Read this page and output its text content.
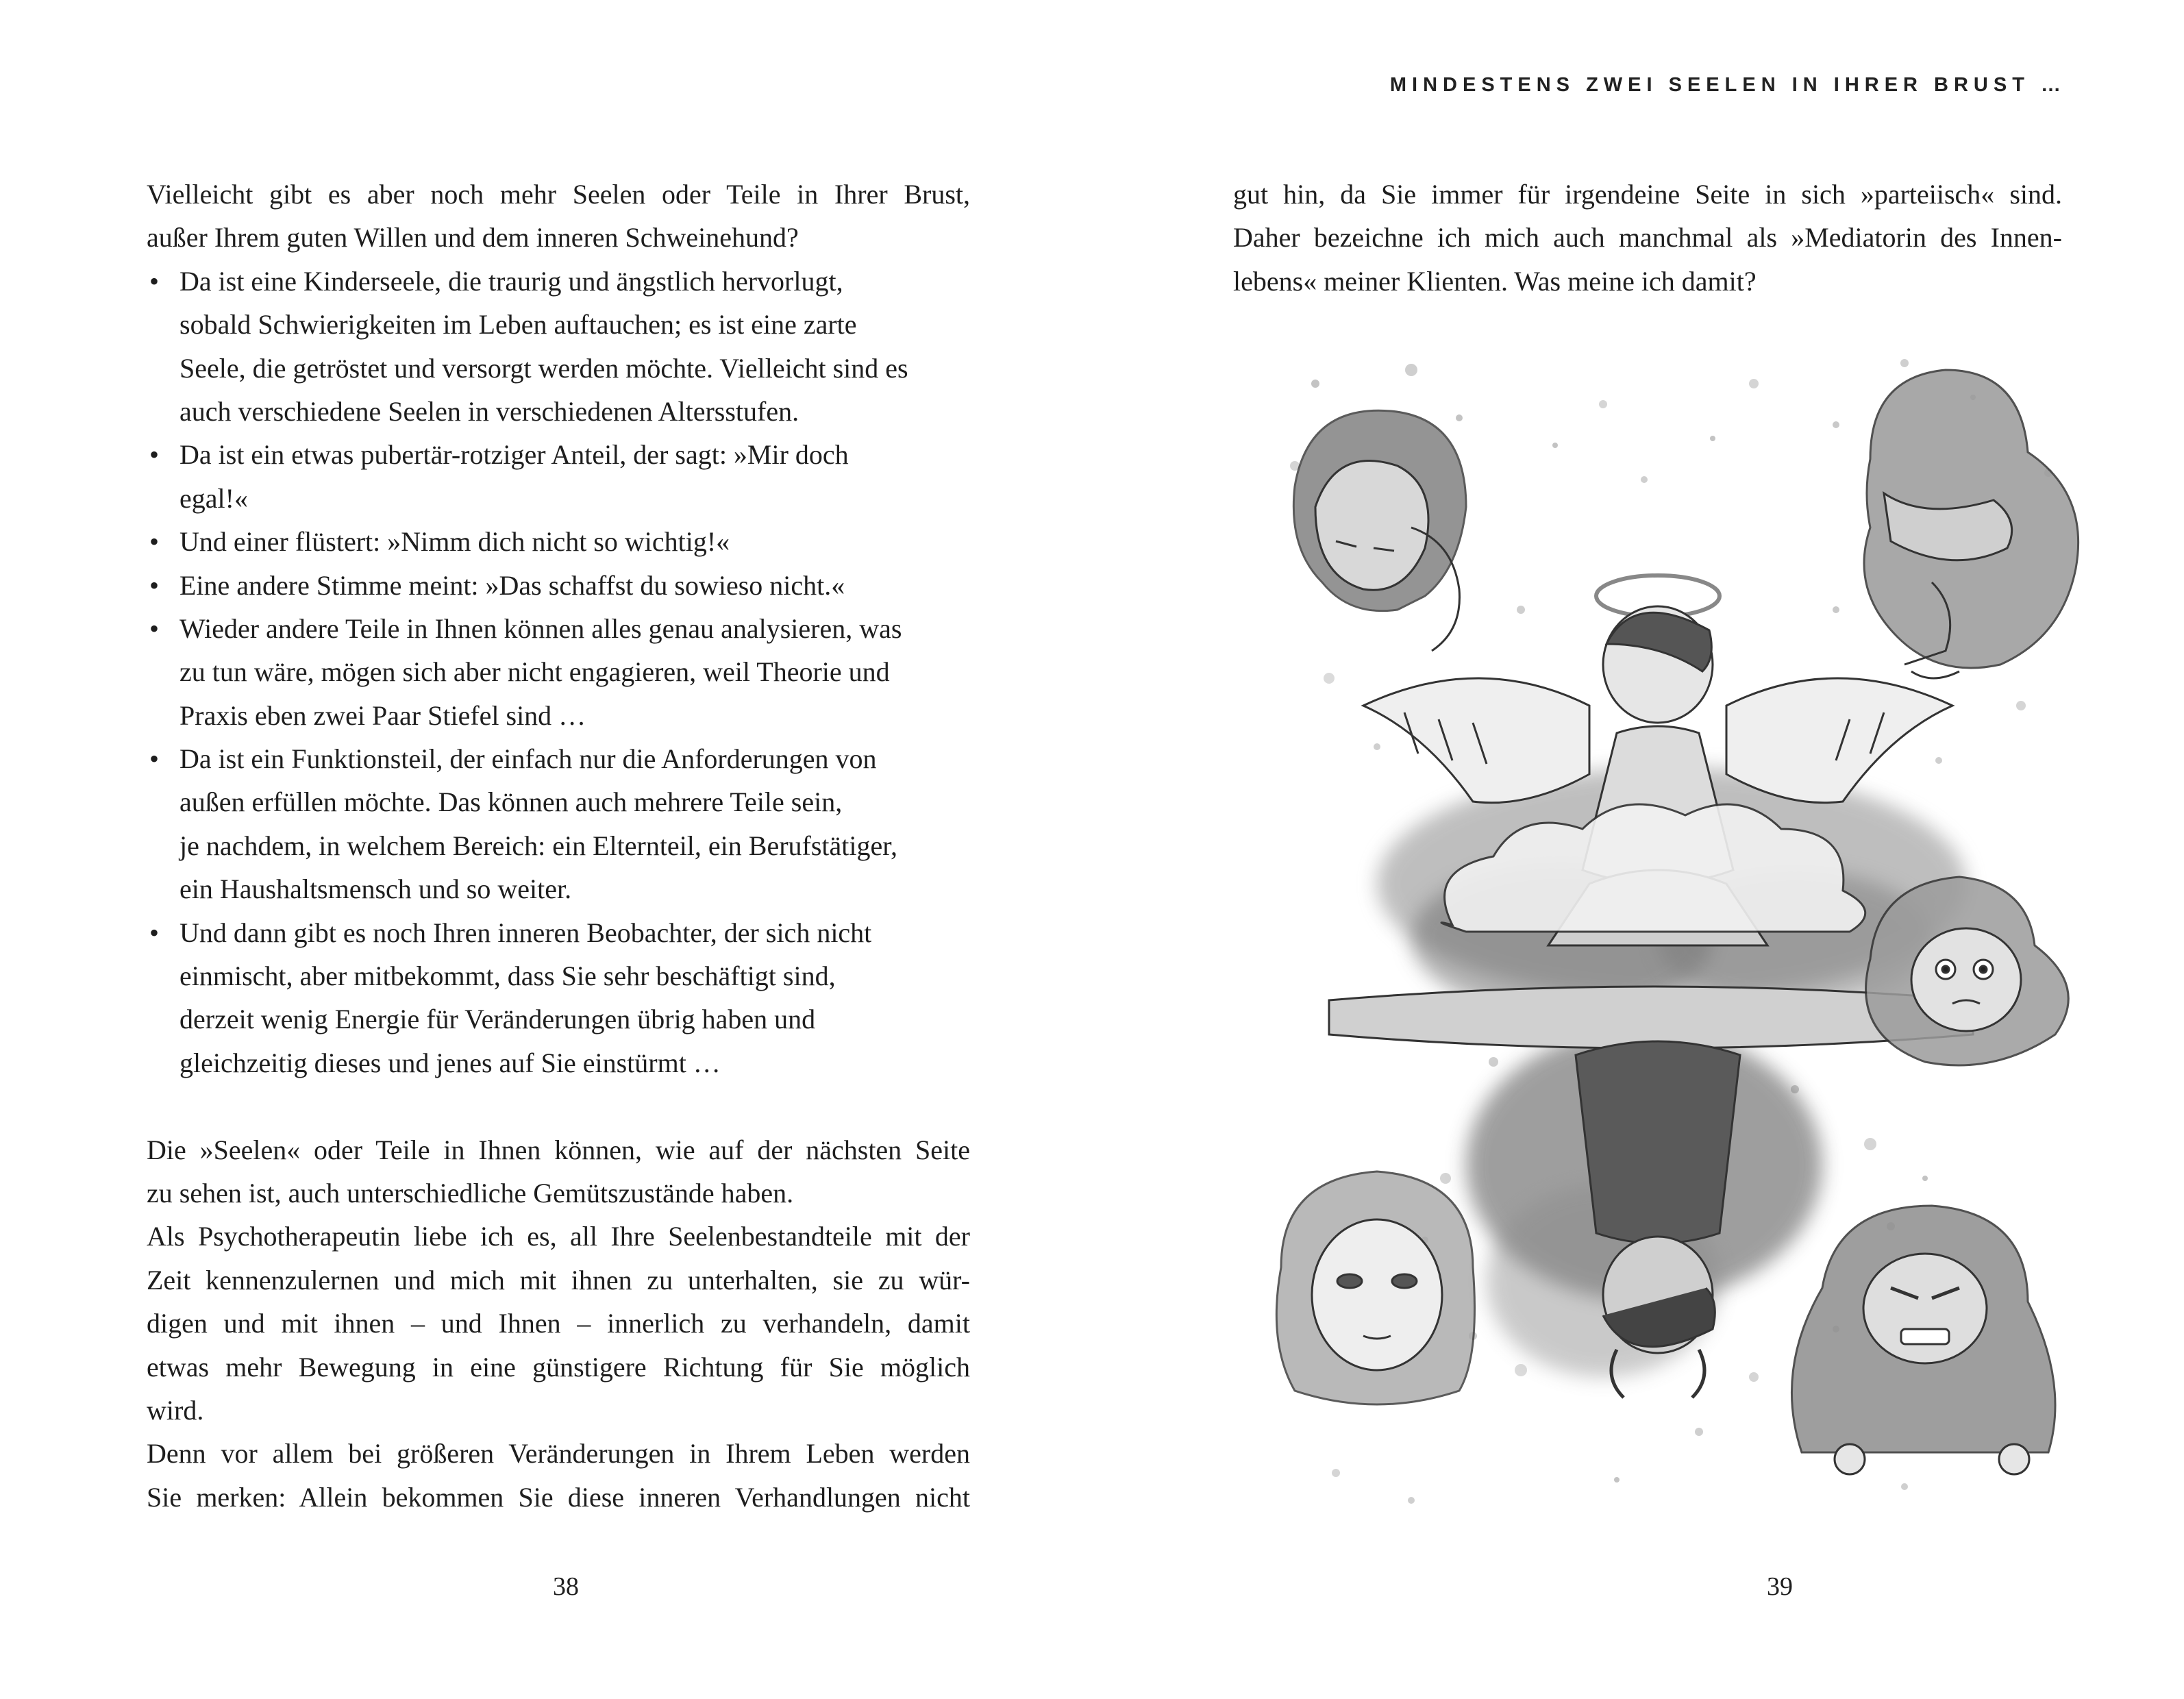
Vielleicht gibt es aber noch mehr Seelen oder Teile in Ihrer Brust,
außer Ihrem guten Willen und dem inneren Schweinehund?
• Da ist eine Kinderseele, die traurig und ängstlich hervorlugt,
sobald Schwierigkeiten im Leben auftauchen; es ist eine zarte
Seele, die getröstet und versorgt werden möchte. Vielleicht sind es
auch verschiedene Seelen in verschiedenen Altersstufen.
• Da ist ein etwas pubertär-rotziger Anteil, der sagt: »Mir doch
egal!«
• Und einer flüstert: »Nimm dich nicht so wichtig!«
• Eine andere Stimme meint: »Das schaffst du sowieso nicht.«
• Wieder andere Teile in Ihnen können alles genau analysieren, was
zu tun wäre, mögen sich aber nicht engagieren, weil Theorie und
Praxis eben zwei Paar Stiefel sind …
• Da ist ein Funktionsteil, der einfach nur die Anforderungen von
außen erfüllen möchte. Das können auch mehrere Teile sein,
je nachdem, in welchem Bereich: ein Elternteil, ein Berufstätiger,
ein Haushaltsmensch und so weiter.
• Und dann gibt es noch Ihren inneren Beobachter, der sich nicht
einmischt, aber mitbekommt, dass Sie sehr beschäftigt sind,
derzeit wenig Energie für Veränderungen übrig haben und
gleichzeitig dieses und jenes auf Sie einstürmt …
Die »Seelen« oder Teile in Ihnen können, wie auf der nächsten Seite
zu sehen ist, auch unterschiedliche Gemütszustände haben.
Als Psychotherapeutin liebe ich es, all Ihre Seelenbestandteile mit der
Zeit kennenzulernen und mich mit ihnen zu unterhalten, sie zu wür-
digen und mit ihnen – und Ihnen – innerlich zu verhandeln, damit
etwas mehr Bewegung in eine günstigere Richtung für Sie möglich
wird.
Denn vor allem bei größeren Veränderungen in Ihrem Leben werden
Sie merken: Allein bekommen Sie diese inneren Verhandlungen nicht
38
MINDESTENS ZWEI SEELEN IN IHRER BRUST …
gut hin, da Sie immer für irgendeine Seite in sich »parteiisch« sind.
Daher bezeichne ich mich auch manchmal als »Mediatorin des Innen-
lebens« meiner Klienten. Was meine ich damit?
39
